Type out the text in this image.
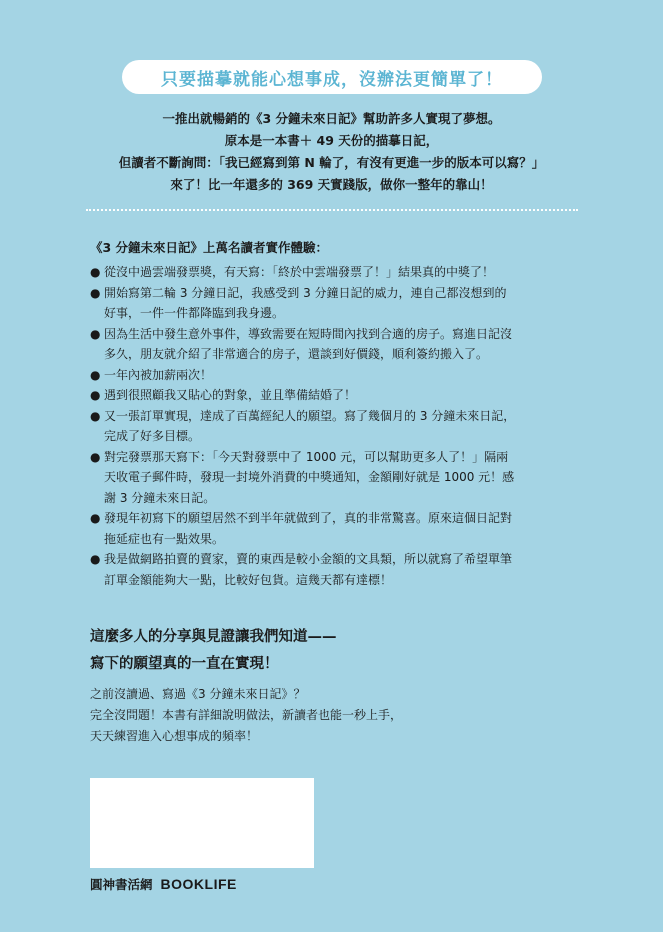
只要描摹就能心想事成，沒辦法更簡單了！
一推出就暢銷的《3 分鐘未來日記》幫助許多人實現了夢想。
原本是一本書＋ 49 天份的描摹日記，
但讀者不斷詢問：「我已經寫到第 N 輪了，有沒有更進一步的版本可以寫？」
來了！比一年還多的 369 天實踐版，做你一整年的靠山！
《3 分鐘未來日記》上萬名讀者實作體驗：
● 從沒中過雲端發票獎，有天寫：「終於中雲端發票了！」結果真的中獎了！
● 開始寫第二輪 3 分鐘日記，我感受到 3 分鐘日記的威力，連自己都沒想到的
好事，一件一件都降臨到我身邊。
● 因為生活中發生意外事件，導致需要在短時間內找到合適的房子。寫進日記沒
多久，朋友就介紹了非常適合的房子，還談到好價錢，順利簽約搬入了。
● 一年內被加薪兩次！
● 遇到很照顧我又貼心的對象，並且準備結婚了！
● 又一張訂單實現，達成了百萬經紀人的願望。寫了幾個月的 3 分鐘未來日記，
完成了好多目標。
● 對完發票那天寫下：「今天對發票中了 1000 元，可以幫助更多人了！」隔兩
天收電子郵件時，發現一封境外消費的中獎通知，金額剛好就是 1000 元！感
謝 3 分鐘未來日記。
● 發現年初寫下的願望居然不到半年就做到了，真的非常驚喜。原來這個日記對
拖延症也有一點效果。
● 我是做網路拍賣的賣家，賣的東西是較小金額的文具類，所以就寫了希望單筆
訂單金額能夠大一點，比較好包貨。這幾天都有達標！
這麼多人的分享與見證讓我們知道——
寫下的願望真的一直在實現！
之前沒讀過、寫過《3 分鐘未來日記》？
完全沒問題！本書有詳細說明做法，新讀者也能一秒上手，
天天練習進入心想事成的頻率！
圓神書活網 BOOKLIFE
